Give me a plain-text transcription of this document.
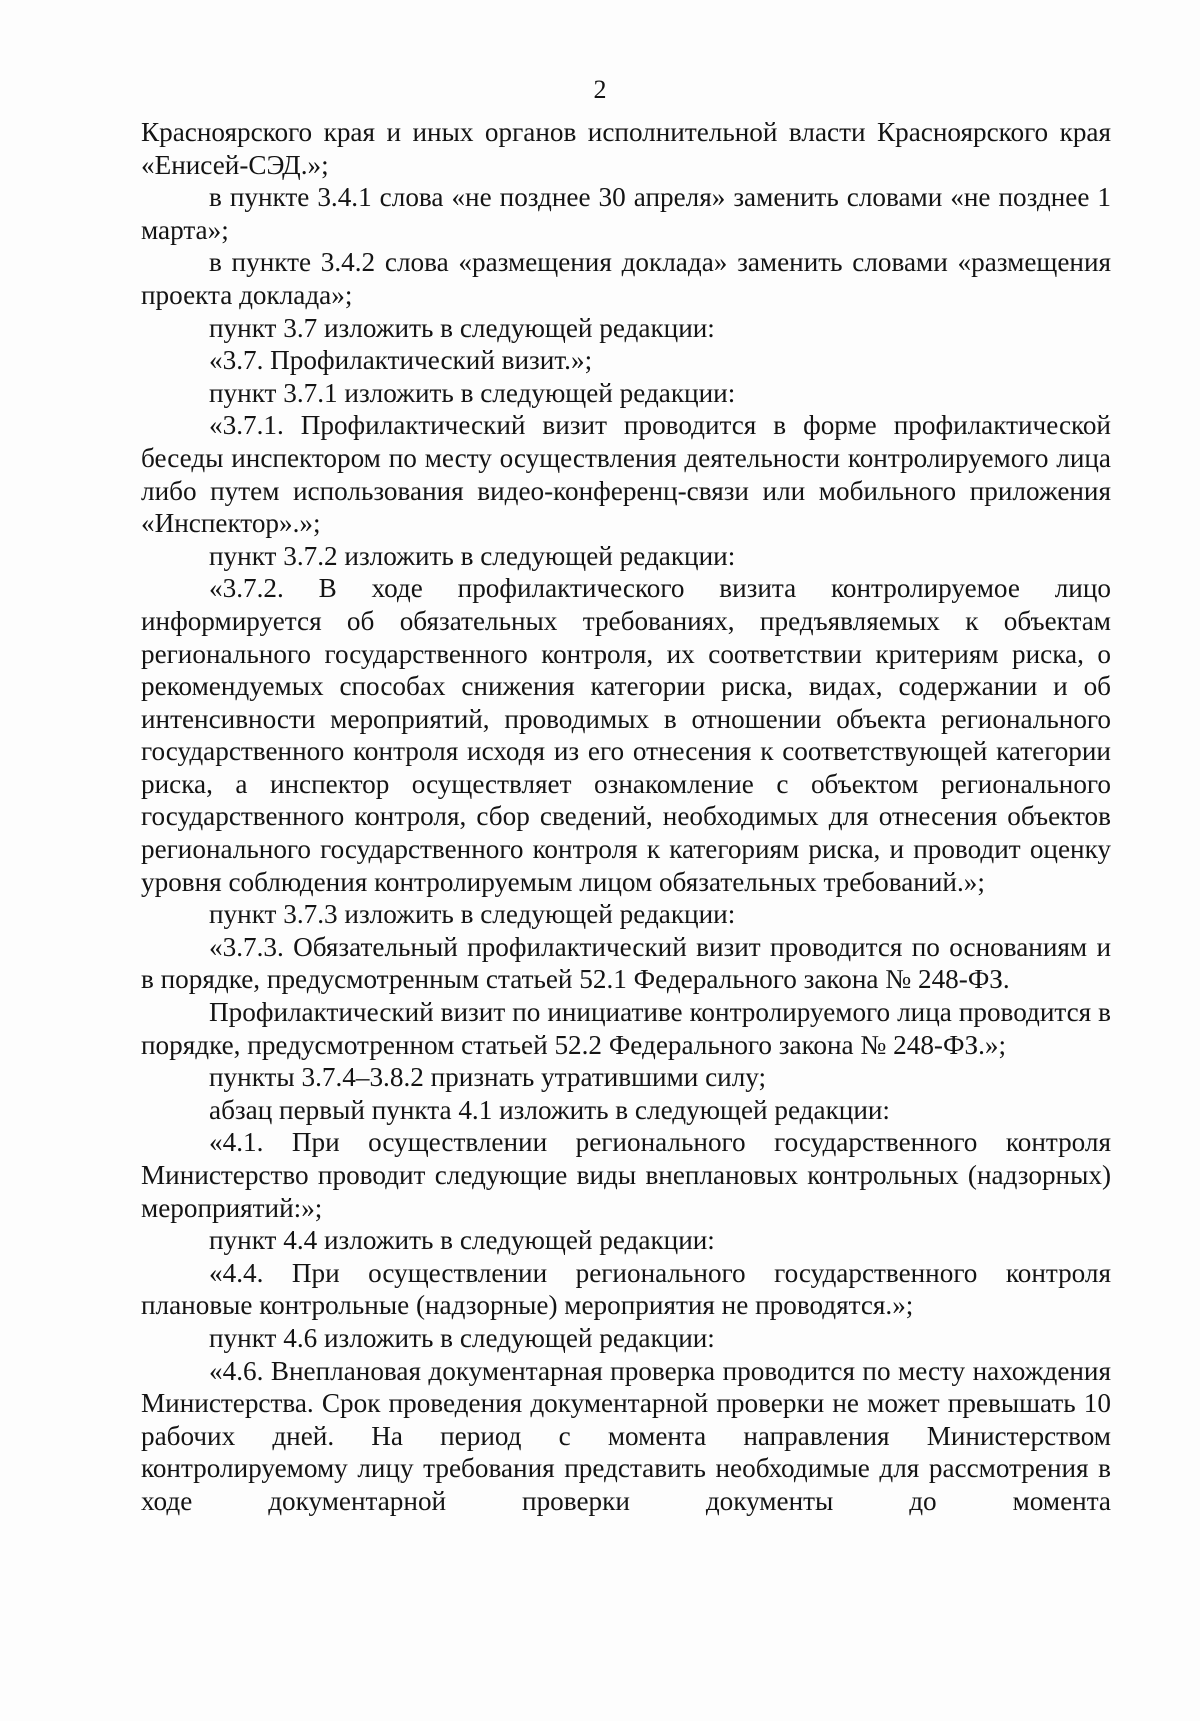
2

Красноярского края и иных органов исполнительной власти Красноярского края «Енисей-СЭД.»;

в пункте 3.4.1 слова «не позднее 30 апреля» заменить словами «не позднее 1 марта»;

в пункте 3.4.2 слова «размещения доклада» заменить словами «размещения проекта доклада»;

пункт 3.7 изложить в следующей редакции:

«3.7. Профилактический визит.»;

пункт 3.7.1 изложить в следующей редакции:

«3.7.1. Профилактический визит проводится в форме профилактической беседы инспектором по месту осуществления деятельности контролируемого лица либо путем использования видео-конференц-связи или мобильного приложения «Инспектор».»;

пункт 3.7.2 изложить в следующей редакции:

«3.7.2. В ходе профилактического визита контролируемое лицо информируется об обязательных требованиях, предъявляемых к объектам регионального государственного контроля, их соответствии критериям риска, о рекомендуемых способах снижения категории риска, видах, содержании и об интенсивности мероприятий, проводимых в отношении объекта регионального государственного контроля исходя из его отнесения к соответствующей категории риска, а инспектор осуществляет ознакомление с объектом регионального государственного контроля, сбор сведений, необходимых для отнесения объектов регионального государственного контроля к категориям риска, и проводит оценку уровня соблюдения контролируемым лицом обязательных требований.»;

пункт 3.7.3 изложить в следующей редакции:

«3.7.3. Обязательный профилактический визит проводится по основаниям и в порядке, предусмотренным статьей 52.1 Федерального закона № 248-ФЗ.

Профилактический визит по инициативе контролируемого лица проводится в порядке, предусмотренном статьей 52.2 Федерального закона № 248-ФЗ.»;

пункты 3.7.4–3.8.2 признать утратившими силу;

абзац первый пункта 4.1 изложить в следующей редакции:

«4.1. При осуществлении регионального государственного контроля Министерство проводит следующие виды внеплановых контрольных (надзорных) мероприятий:»;

пункт 4.4 изложить в следующей редакции:

«4.4. При осуществлении регионального государственного контроля плановые контрольные (надзорные) мероприятия не проводятся.»;

пункт 4.6 изложить в следующей редакции:

«4.6. Внеплановая документарная проверка проводится по месту нахождения Министерства. Срок проведения документарной проверки не может превышать 10 рабочих дней. На период с момента направления Министерством контролируемому лицу требования представить необходимые для рассмотрения в ходе документарной проверки документы до момента
